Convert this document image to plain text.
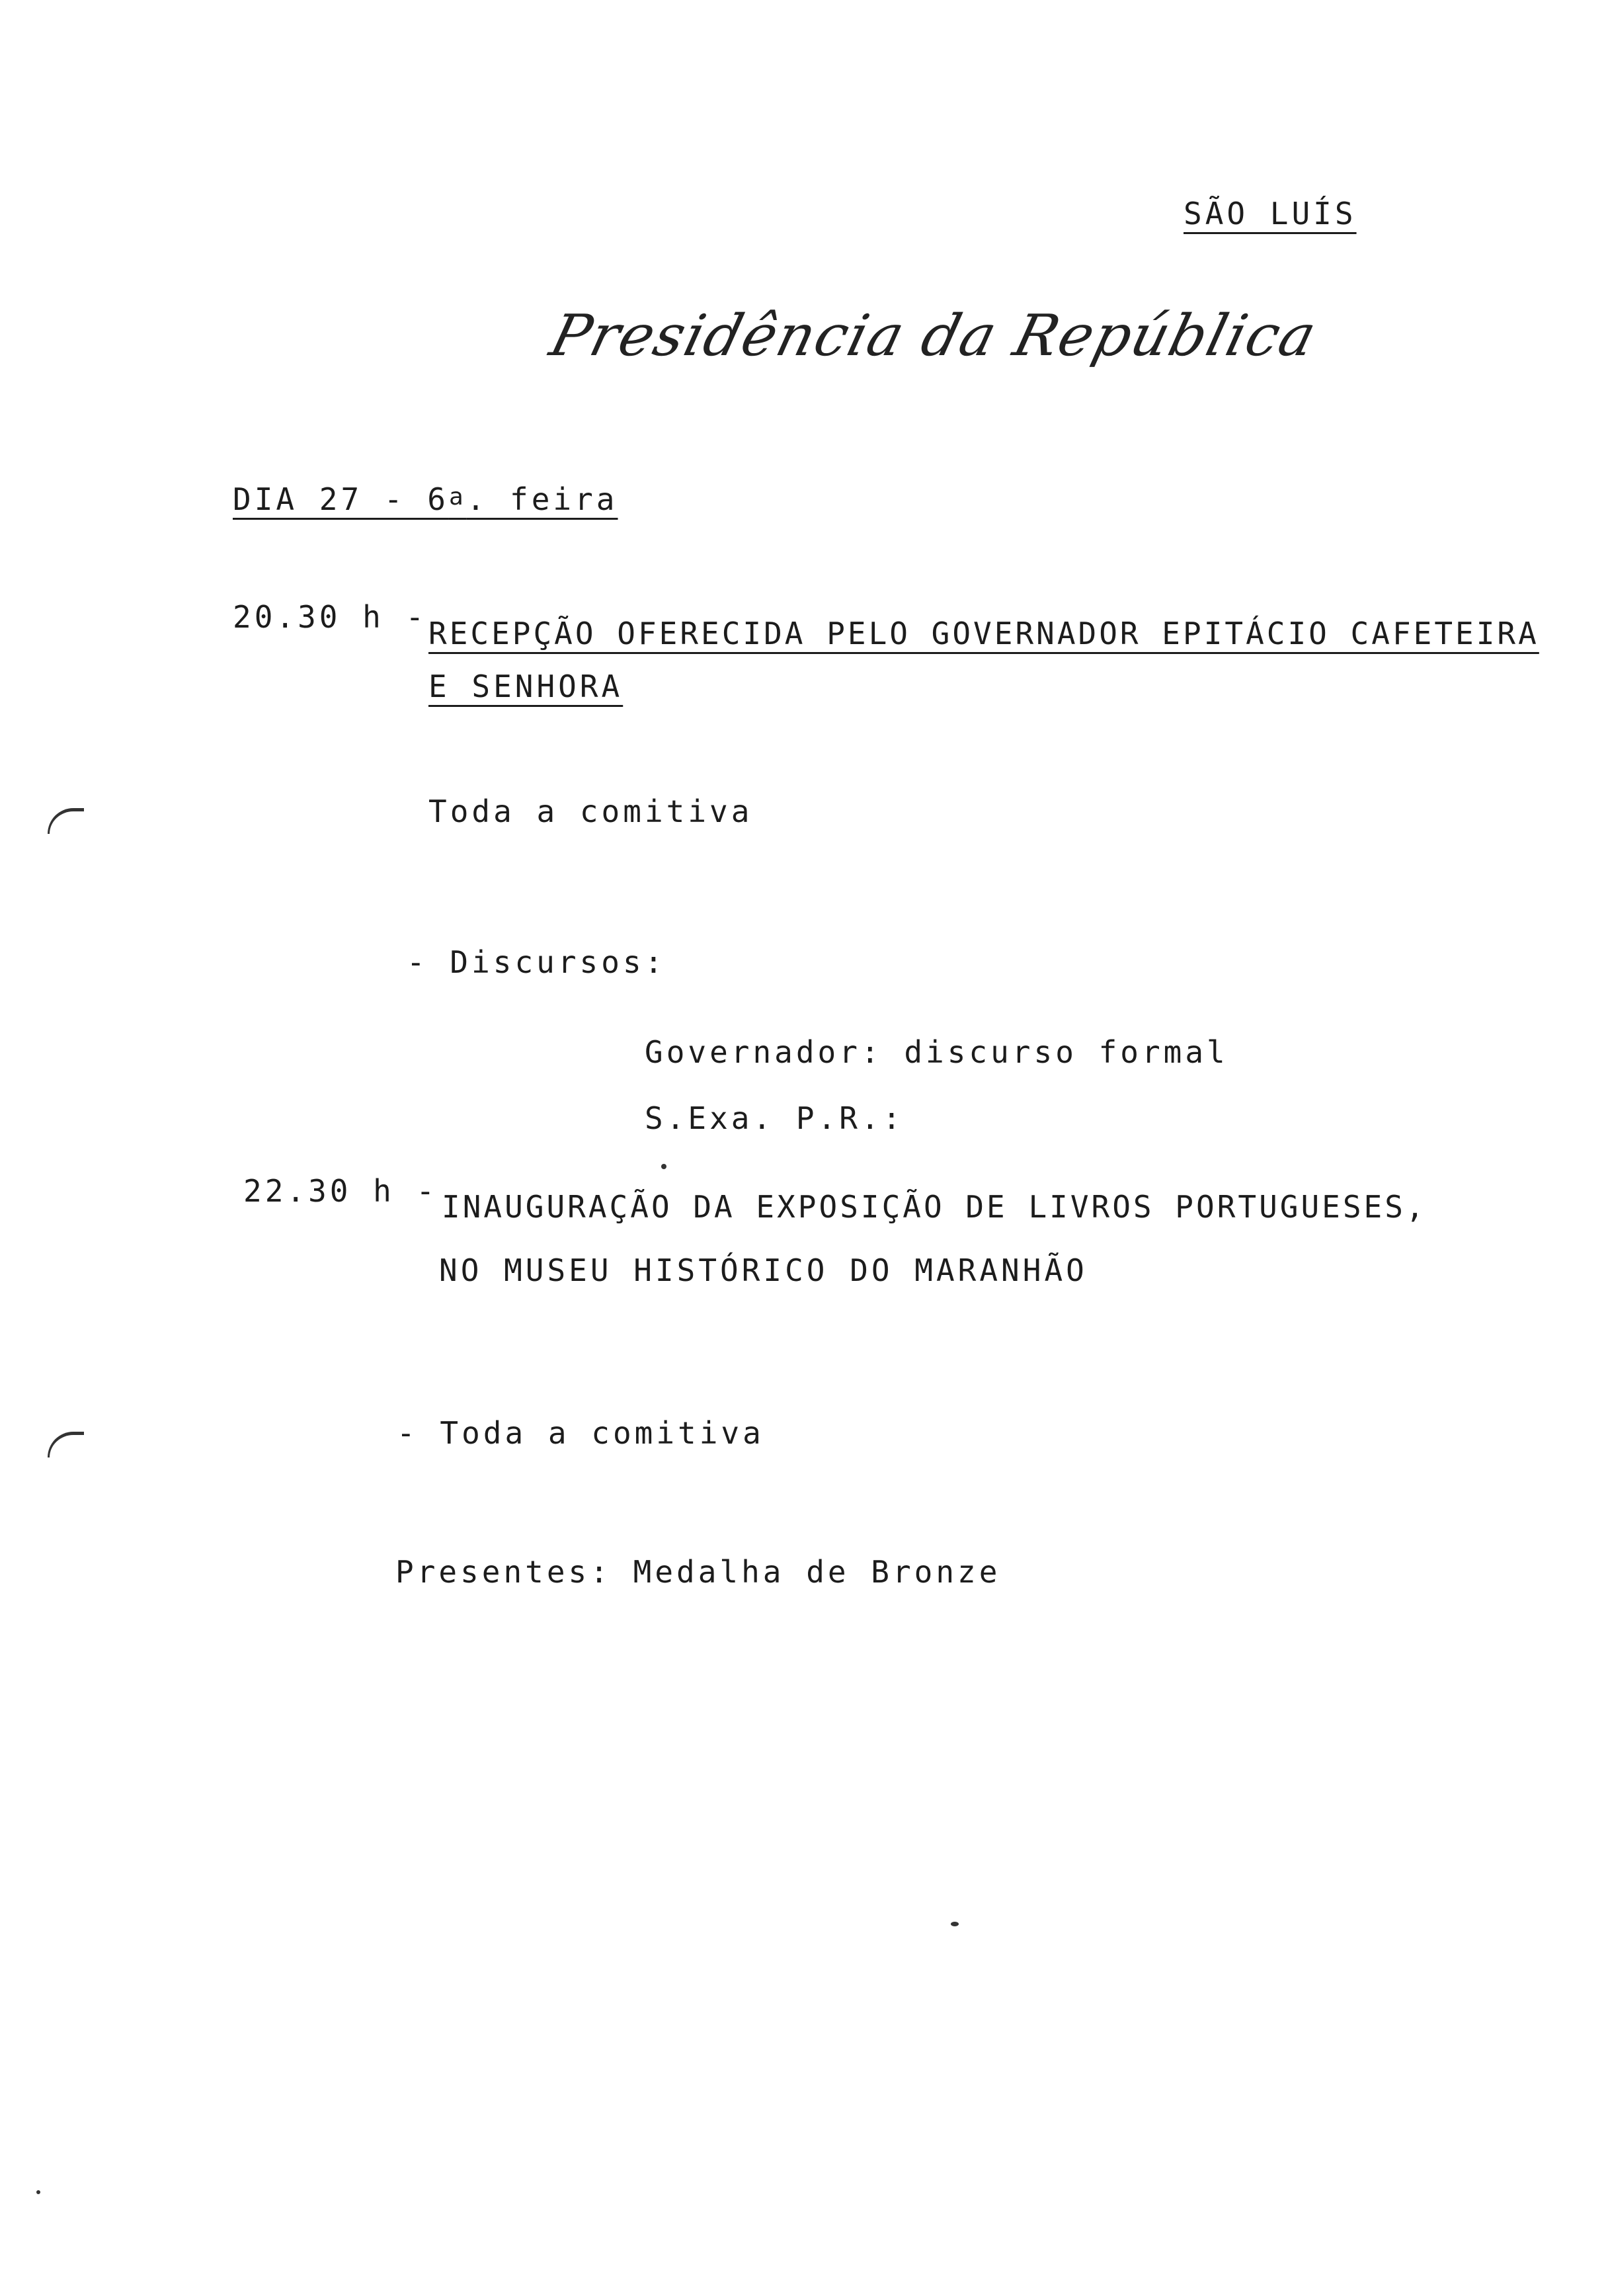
SÃO LUÍS
Presidência da República
DIA 27 - 6$^a$. feira
20.30 h - RECEPÇÃO OFERECIDA PELO GOVERNADOR EPITÁCIO CAFETEIRA
E SENHORA
Toda a comitiva
- Discursos:
Governador: discurso formal
S.Exa. P.R.:
22.30 h - INAUGURAÇÃO DA EXPOSIÇÃO DE LIVROS PORTUGUESES,
NO MUSEU HISTÓRICO DO MARANHÃO
- Toda a comitiva
Presentes: Medalha de Bronze
